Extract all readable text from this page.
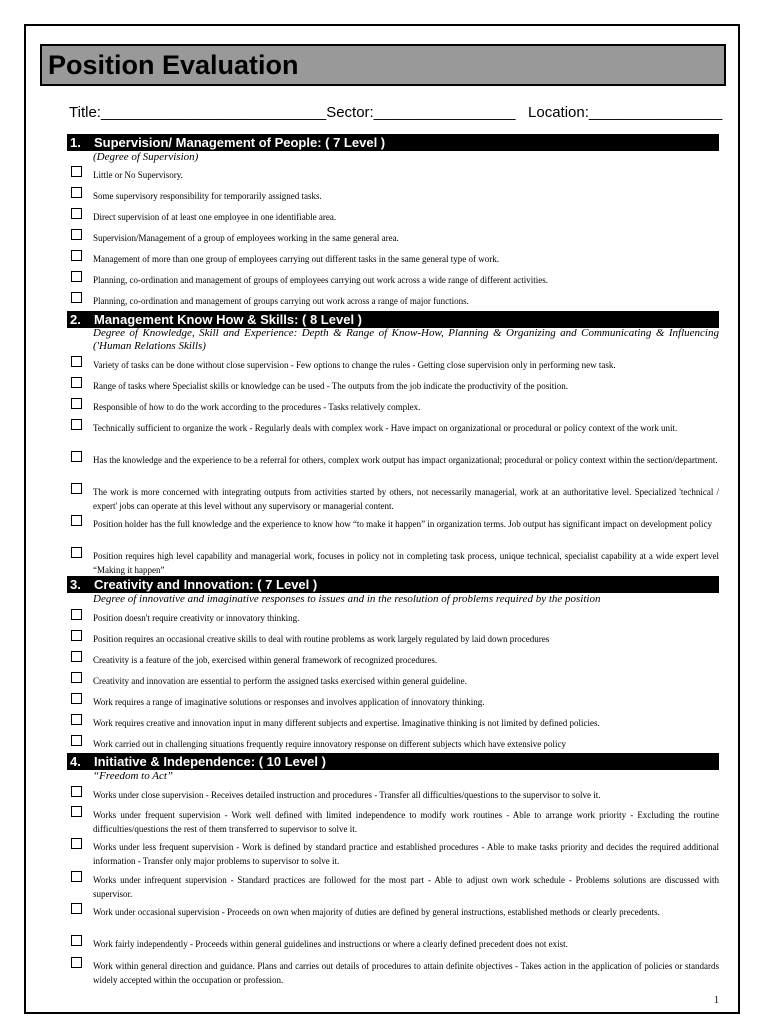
Position Evaluation
Title:___________________________Sector:_________________   Location:________________
1. Supervision/ Management of People: ( 7 Level )
(Degree of Supervision)
Little or No Supervisory.
Some supervisory responsibility for temporarily assigned tasks.
Direct supervision of at least one employee in one identifiable area.
Supervision/Management of a group of employees working in the same general area.
Management of more than one group of employees carrying out different tasks in the same general type of work.
Planning, co-ordination and management of groups of employees carrying out work across a wide range of different activities.
Planning, co-ordination and management of groups carrying out work across a range of major functions.
2. Management Know How & Skills: ( 8 Level )
Degree of Knowledge, Skill and Experience: Depth & Range of Know-How, Planning & Organizing and Communicating & Influencing ('Human Relations Skills)
Variety of tasks can be done without close supervision - Few options to change the rules - Getting close supervision only in performing new task.
Range of tasks where Specialist skills or knowledge can be used - The outputs from the job indicate the productivity of the position.
Responsible of how to do the work according to the procedures - Tasks relatively complex.
Technically sufficient to organize the work - Regularly deals with complex work - Have impact on organizational or procedural or policy context of the work unit.
Has the knowledge and the experience to be a referral for others, complex work output has impact organizational; procedural or policy context within the section/department.
The work is more concerned with integrating outputs from activities started by others, not necessarily managerial, work at an authoritative level. Specialized 'technical / expert' jobs can operate at this level without any supervisory or managerial content.
Position holder has the full knowledge and the experience to know how “to make it happen” in organization terms. Job output has significant impact on development policy
Position requires high level capability and managerial work, focuses in policy not in completing task process, unique technical, specialist capability at a wide expert level “Making it happen”
3. Creativity and Innovation: ( 7 Level )
Degree of innovative and imaginative responses to issues and in the resolution of problems required by the position
Position doesn't require creativity or innovatory thinking.
Position requires an occasional creative skills to deal with routine problems as work largely regulated by laid down procedures
Creativity is a feature of the job, exercised within general framework of recognized procedures.
Creativity and innovation are essential to perform the assigned tasks exercised within general guideline.
Work requires a range of imaginative solutions or responses and involves application of innovatory thinking.
Work requires creative and innovation input in many different subjects and expertise. Imaginative thinking is not limited by defined policies.
Work carried out in challenging situations frequently require innovatory response on different subjects which have extensive policy
4. Initiative & Independence: ( 10 Level )
“Freedom to Act”
Works under close supervision - Receives detailed instruction and procedures - Transfer all difficulties/questions to the supervisor to solve it.
Works under frequent supervision - Work well defined with limited independence to modify work routines - Able to arrange work priority - Excluding the routine difficulties/questions the rest of them transferred to supervisor to solve it.
Works under less frequent supervision - Work is defined by standard practice and established procedures - Able to make tasks priority and decides the required additional information - Transfer only major problems to supervisor to solve it.
Works under infrequent supervision - Standard practices are followed for the most part - Able to adjust own work schedule - Problems solutions are discussed with supervisor.
Work under occasional supervision - Proceeds on own when majority of duties are defined by general instructions, established methods or clearly precedents.
Work fairly independently - Proceeds within general guidelines and instructions or where a clearly defined precedent does not exist.
Work within general direction and guidance. Plans and carries out details of procedures to attain definite objectives - Takes action in the application of policies or standards widely accepted within the occupation or profession.
1
